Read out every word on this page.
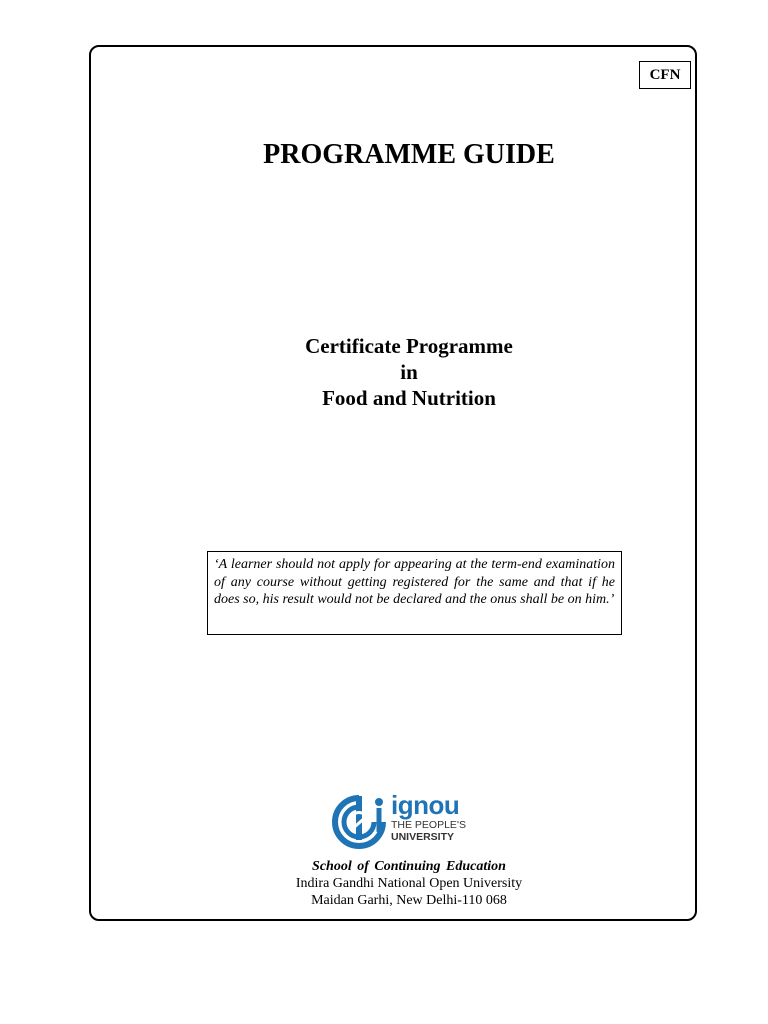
CFN
PROGRAMME GUIDE
Certificate Programme
in
Food and Nutrition
‘A learner should not apply for appearing at the term-end examination of any course without getting registered for the same and that if he does so, his result would not be declared and the onus shall be on him.’
ignou
THE PEOPLE'S
UNIVERSITY
School of Continuing Education
Indira Gandhi National Open University
Maidan Garhi, New Delhi-110 068
